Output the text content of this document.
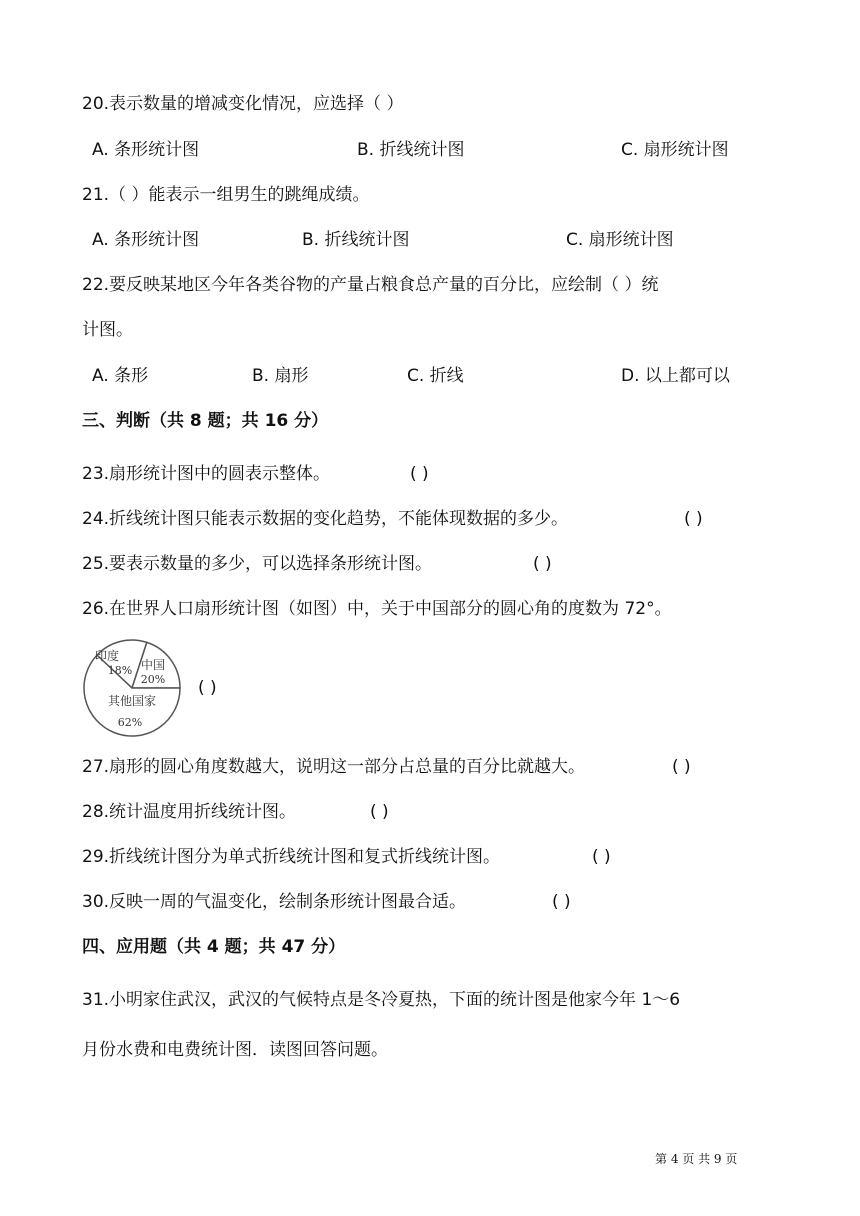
20.表示数量的增减变化情况，应选择（ ）
A. 条形统计图	B. 折线统计图	C. 扇形统计图
21.（ ）能表示一组男生的跳绳成绩。
A. 条形统计图	B. 折线统计图	C. 扇形统计图
22.要反映某地区今年各类谷物的产量占粮食总产量的百分比，应绘制（ ）统
计图。
A. 条形	B. 扇形	C. 折线	D. 以上都可以
三、判断（共 8 题；共 16 分）
23.扇形统计图中的圆表示整体。	( )
24.折线统计图只能表示数据的变化趋势，不能体现数据的多少。	( )
25.要表示数量的多少，可以选择条形统计图。	( )
26.在世界人口扇形统计图（如图）中，关于中国部分的圆心角的度数为 72°。
印度
18% 中国
20%
其他国家
62%
( )
27.扇形的圆心角度数越大，说明这一部分占总量的百分比就越大。	( )
28.统计温度用折线统计图。	( )
29.折线统计图分为单式折线统计图和复式折线统计图。	( )
30.反映一周的气温变化，绘制条形统计图最合适。	( )
四、应用题（共 4 题；共 47 分）
31.小明家住武汉，武汉的气候特点是冬冷夏热，下面的统计图是他家今年 1～6
月份水费和电费统计图．读图回答问题。
第 4 页 共 9 页
